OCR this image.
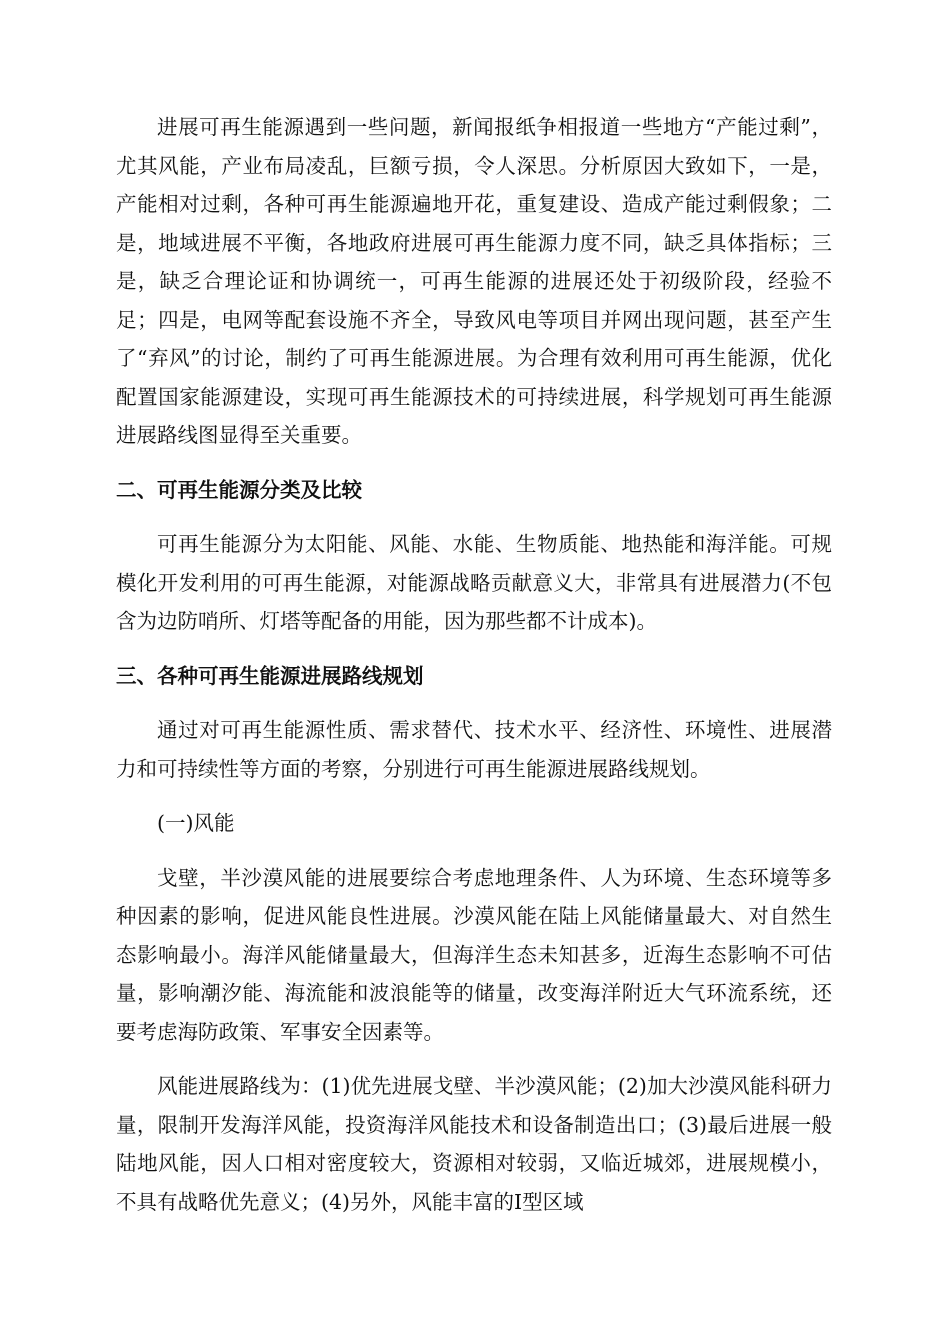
进展可再生能源遇到一些问题，新闻报纸争相报道一些地方“产能过剩”，尤其风能，产业布局凌乱，巨额亏损，令人深思。分析原因大致如下，一是，产能相对过剩，各种可再生能源遍地开花，重复建设、造成产能过剩假象；二是，地域进展不平衡，各地政府进展可再生能源力度不同，缺乏具体指标；三是，缺乏合理论证和协调统一，可再生能源的进展还处于初级阶段，经验不足；四是，电网等配套设施不齐全，导致风电等项目并网出现问题，甚至产生了“弃风”的讨论，制约了可再生能源进展。为合理有效利用可再生能源，优化配置国家能源建设，实现可再生能源技术的可持续进展，科学规划可再生能源进展路线图显得至关重要。

二、可再生能源分类及比较

可再生能源分为太阳能、风能、水能、生物质能、地热能和海洋能。可规模化开发利用的可再生能源，对能源战略贡献意义大，非常具有进展潜力(不包含为边防哨所、灯塔等配备的用能，因为那些都不计成本)。

三、各种可再生能源进展路线规划

通过对可再生能源性质、需求替代、技术水平、经济性、环境性、进展潜力和可持续性等方面的考察，分别进行可再生能源进展路线规划。

(一)风能

戈壁，半沙漠风能的进展要综合考虑地理条件、人为环境、生态环境等多种因素的影响，促进风能良性进展。沙漠风能在陆上风能储量最大、对自然生态影响最小。海洋风能储量最大，但海洋生态未知甚多，近海生态影响不可估量，影响潮汐能、海流能和波浪能等的储量，改变海洋附近大气环流系统，还要考虑海防政策、军事安全因素等。

风能进展路线为：(1)优先进展戈壁、半沙漠风能；(2)加大沙漠风能科研力量，限制开发海洋风能，投资海洋风能技术和设备制造出口；(3)最后进展一般陆地风能，因人口相对密度较大，资源相对较弱，又临近城郊，进展规模小，不具有战略优先意义；(4)另外，风能丰富的Ⅰ型区域
